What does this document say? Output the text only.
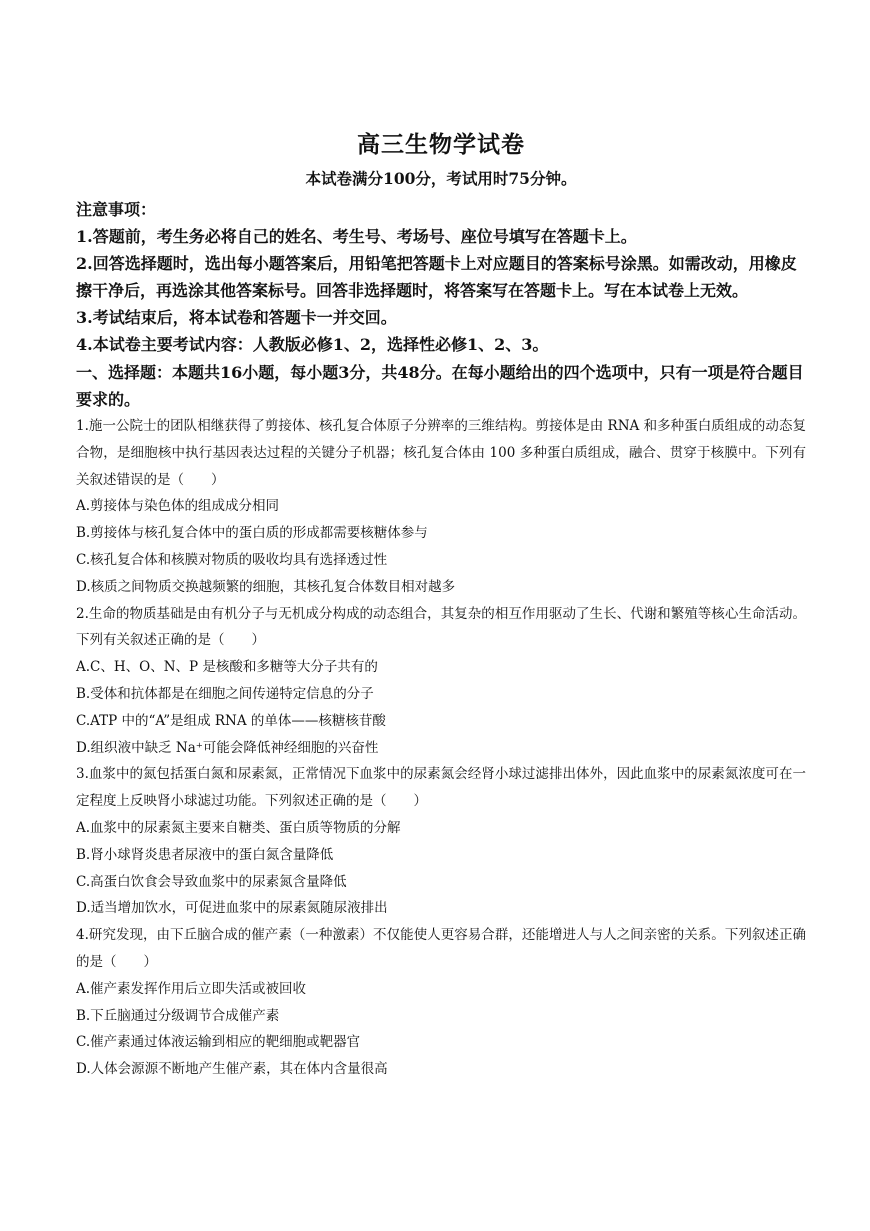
高三生物学试卷
本试卷满分100分，考试用时75分钟。
注意事项：
1.答题前，考生务必将自己的姓名、考生号、考场号、座位号填写在答题卡上。
2.回答选择题时，选出每小题答案后，用铅笔把答题卡上对应题目的答案标号涂黑。如需改动，用橡皮擦干净后，再选涂其他答案标号。回答非选择题时，将答案写在答题卡上。写在本试卷上无效。
3.考试结束后，将本试卷和答题卡一并交回。
4.本试卷主要考试内容：人教版必修1、2，选择性必修1、2、3。
一、选择题：本题共16小题，每小题3分，共48分。在每小题给出的四个选项中，只有一项是符合题目要求的。
1.施一公院士的团队相继获得了剪接体、核孔复合体原子分辨率的三维结构。剪接体是由 RNA 和多种蛋白质组成的动态复合物，是细胞核中执行基因表达过程的关键分子机器；核孔复合体由 100 多种蛋白质组成，融合、贯穿于核膜中。下列有关叙述错误的是（　　）
A.剪接体与染色体的组成成分相同
B.剪接体与核孔复合体中的蛋白质的形成都需要核糖体参与
C.核孔复合体和核膜对物质的吸收均具有选择透过性
D.核质之间物质交换越频繁的细胞，其核孔复合体数目相对越多
2.生命的物质基础是由有机分子与无机成分构成的动态组合，其复杂的相互作用驱动了生长、代谢和繁殖等核心生命活动。下列有关叙述正确的是（　　）
A.C、H、O、N、P 是核酸和多糖等大分子共有的
B.受体和抗体都是在细胞之间传递特定信息的分子
C.ATP 中的“A”是组成 RNA 的单体——核糖核苷酸
D.组织液中缺乏 Na⁺可能会降低神经细胞的兴奋性
3.血浆中的氮包括蛋白氮和尿素氮，正常情况下血浆中的尿素氮会经肾小球过滤排出体外，因此血浆中的尿素氮浓度可在一定程度上反映肾小球滤过功能。下列叙述正确的是（　　）
A.血浆中的尿素氮主要来自糖类、蛋白质等物质的分解
B.肾小球肾炎患者尿液中的蛋白氮含量降低
C.高蛋白饮食会导致血浆中的尿素氮含量降低
D.适当增加饮水，可促进血浆中的尿素氮随尿液排出
4.研究发现，由下丘脑合成的催产素（一种激素）不仅能使人更容易合群，还能增进人与人之间亲密的关系。下列叙述正确的是（　　）
A.催产素发挥作用后立即失活或被回收
B.下丘脑通过分级调节合成催产素
C.催产素通过体液运输到相应的靶细胞或靶器官
D.人体会源源不断地产生催产素，其在体内含量很高
